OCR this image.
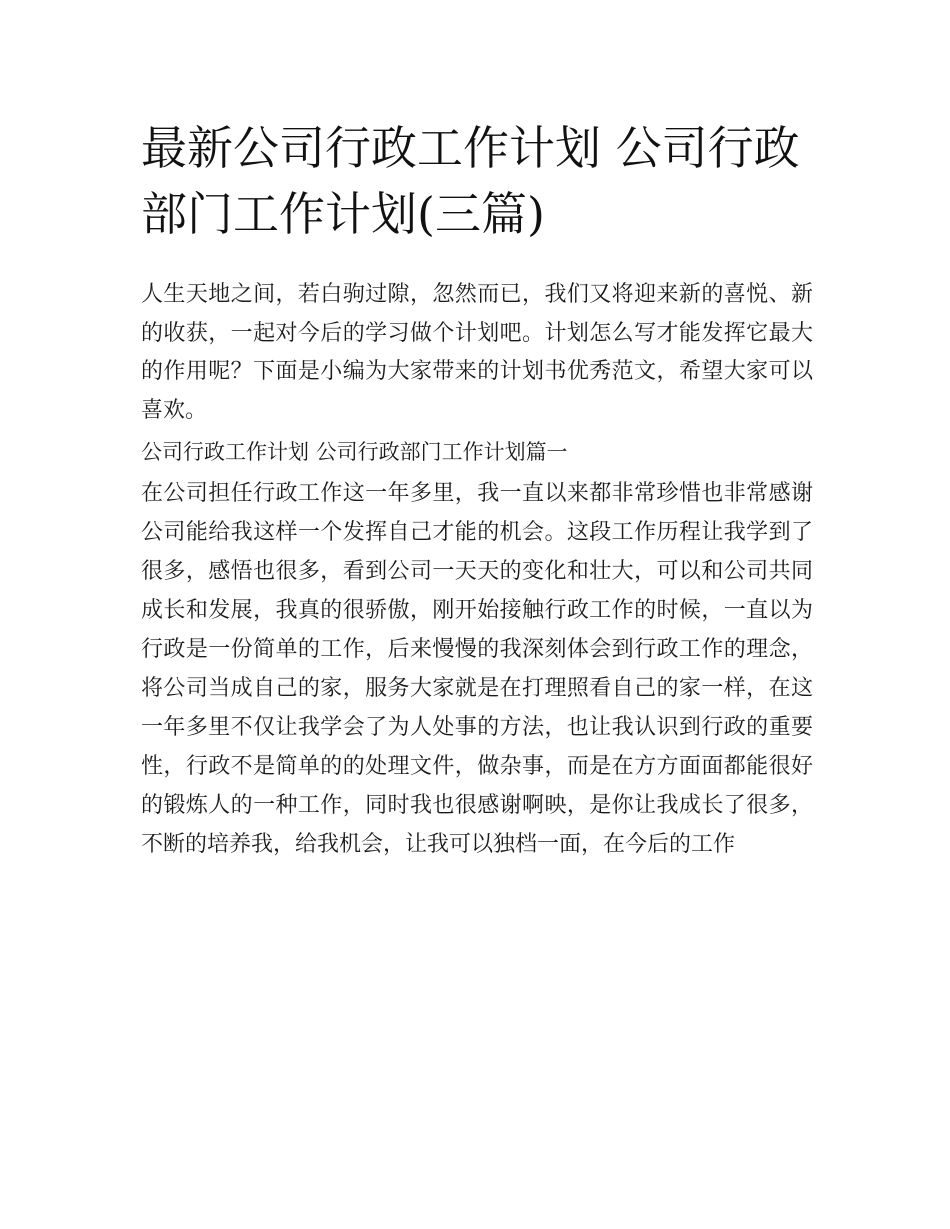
最新公司行政工作计划 公司行政部门工作计划(三篇)

人生天地之间，若白驹过隙，忽然而已，我们又将迎来新的喜悦、新的收获，一起对今后的学习做个计划吧。计划怎么写才能发挥它最大的作用呢？下面是小编为大家带来的计划书优秀范文，希望大家可以喜欢。

公司行政工作计划 公司行政部门工作计划篇一

在公司担任行政工作这一年多里，我一直以来都非常珍惜也非常感谢公司能给我这样一个发挥自己才能的机会。这段工作历程让我学到了很多，感悟也很多，看到公司一天天的变化和壮大，可以和公司共同成长和发展，我真的很骄傲，刚开始接触行政工作的时候，一直以为行政是一份简单的工作，后来慢慢的我深刻体会到行政工作的理念，将公司当成自己的家，服务大家就是在打理照看自己的家一样，在这一年多里不仅让我学会了为人处事的方法，也让我认识到行政的重要性，行政不是简单的的处理文件，做杂事，而是在方方面面都能很好的锻炼人的一种工作，同时我也很感谢啊映，是你让我成长了很多，不断的培养我，给我机会，让我可以独档一面，在今后的工作
